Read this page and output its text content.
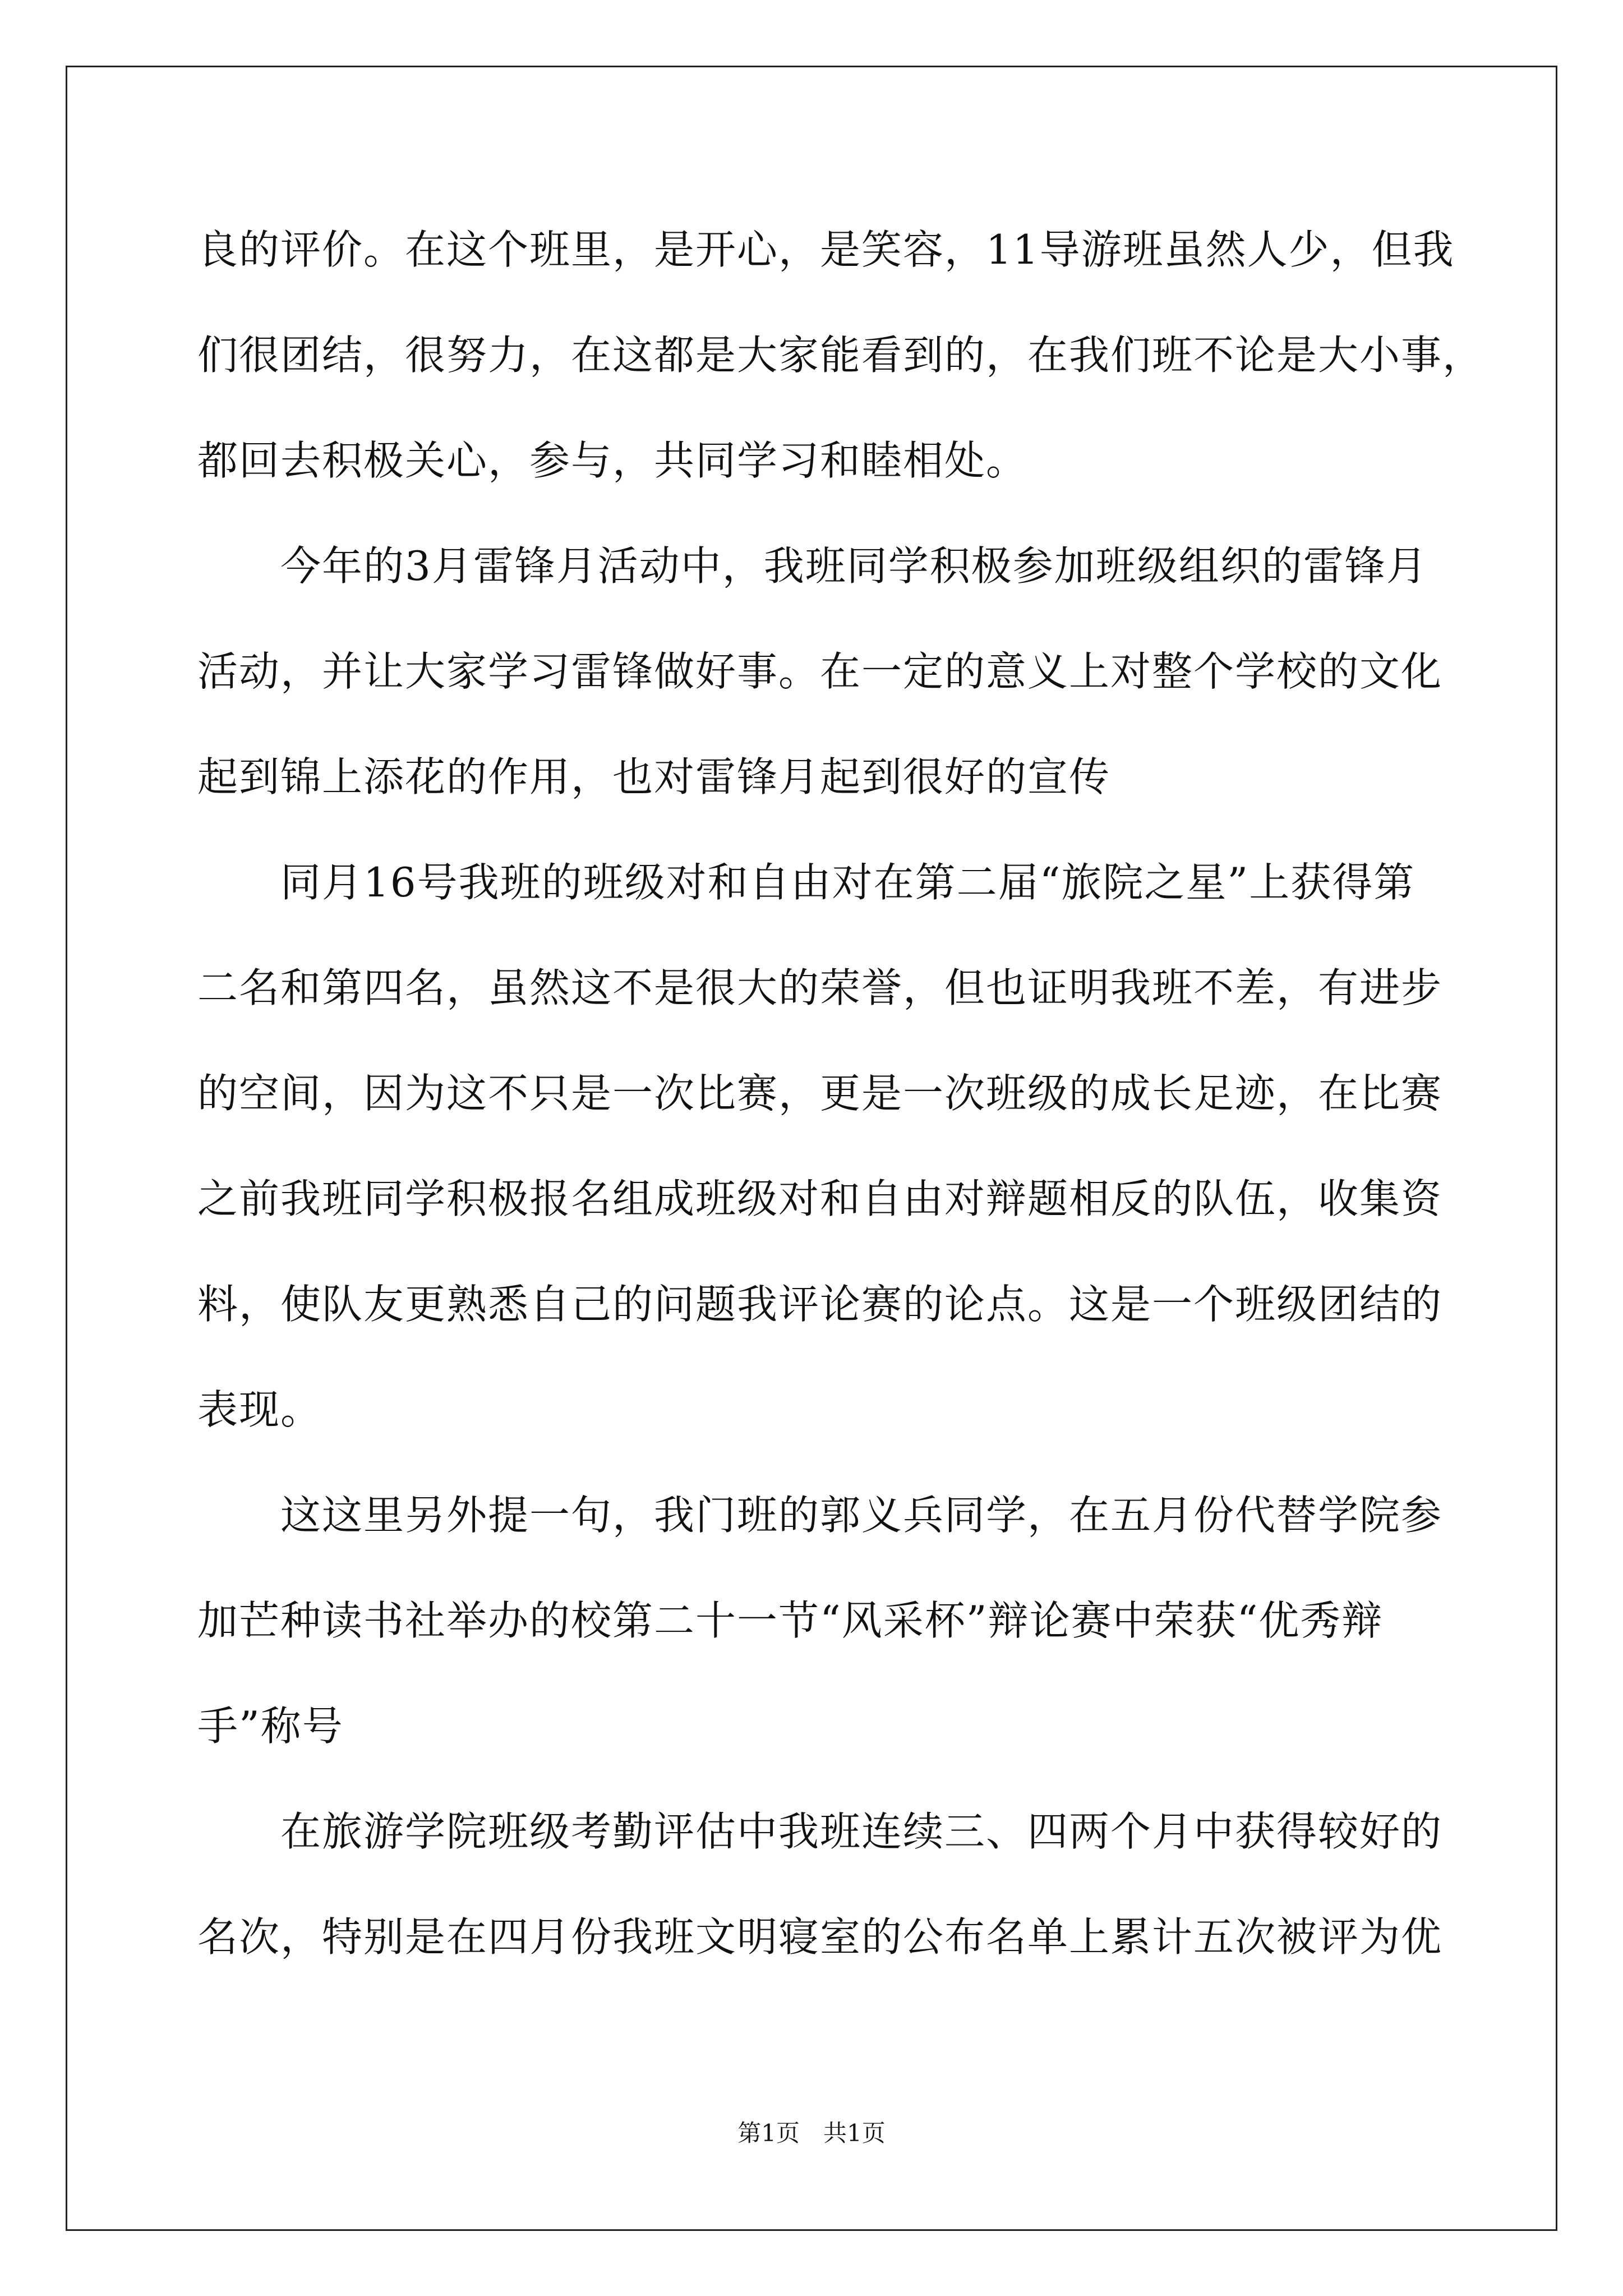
良的评价。在这个班里，是开心，是笑容，11导游班虽然人少，但我
们很团结，很努力，在这都是大家能看到的，在我们班不论是大小事，
都回去积极关心，参与，共同学习和睦相处。
　　今年的3月雷锋月活动中，我班同学积极参加班级组织的雷锋月
活动，并让大家学习雷锋做好事。在一定的意义上对整个学校的文化
起到锦上添花的作用，也对雷锋月起到很好的宣传
　　同月16号我班的班级对和自由对在第二届“旅院之星”上获得第
二名和第四名，虽然这不是很大的荣誉，但也证明我班不差，有进步
的空间，因为这不只是一次比赛，更是一次班级的成长足迹，在比赛
之前我班同学积极报名组成班级对和自由对辩题相反的队伍，收集资
料，使队友更熟悉自己的问题我评论赛的论点。这是一个班级团结的
表现。
　　这这里另外提一句，我门班的郭义兵同学，在五月份代替学院参
加芒种读书社举办的校第二十一节“风采杯”辩论赛中荣获“优秀辩
手”称号
　　在旅游学院班级考勤评估中我班连续三、四两个月中获得较好的
名次，特别是在四月份我班文明寝室的公布名单上累计五次被评为优
第1页　共1页
